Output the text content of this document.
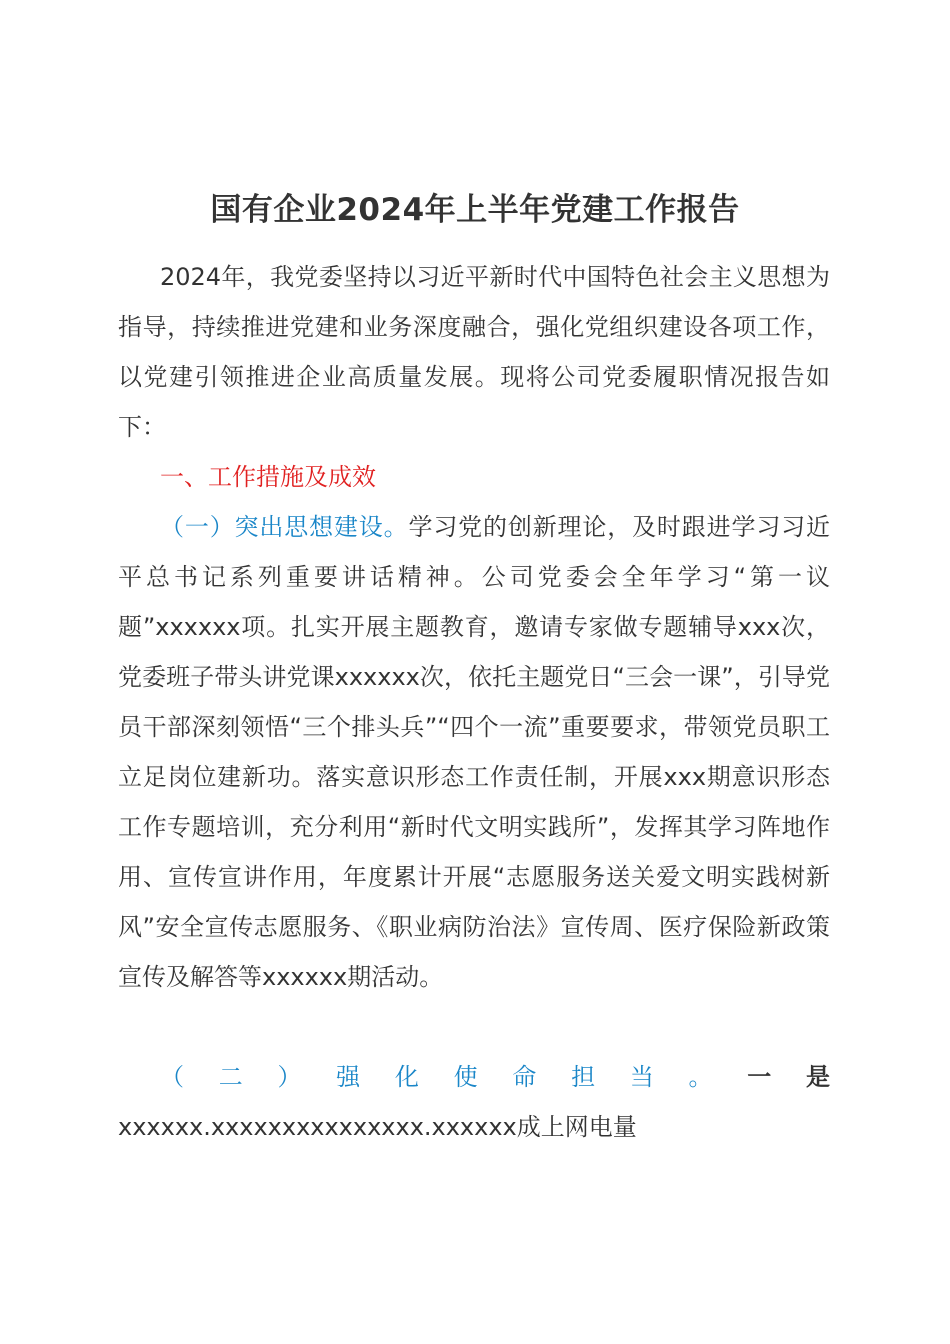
国有企业2024年上半年党建工作报告

2024年，我党委坚持以习近平新时代中国特色社会主义思想为指导，持续推进党建和业务深度融合，强化党组织建设各项工作，以党建引领推进企业高质量发展。现将公司党委履职情况报告如下：

一、工作措施及成效

（一）突出思想建设。学习党的创新理论，及时跟进学习习近平总书记系列重要讲话精神。公司党委会全年学习“第一议题”xxxxxx项。扎实开展主题教育，邀请专家做专题辅导xxx次，党委班子带头讲党课xxxxxx次，依托主题党日“三会一课”，引导党员干部深刻领悟“三个排头兵”“四个一流”重要要求，带领党员职工立足岗位建新功。落实意识形态工作责任制，开展xxx期意识形态工作专题培训，充分利用“新时代文明实践所”，发挥其学习阵地作用、宣传宣讲作用，年度累计开展“志愿服务送关爱文明实践树新风”安全宣传志愿服务、《职业病防治法》宣传周、医疗保险新政策宣传及解答等xxxxxx期活动。

（二）强化使命担当。一是xxxxxx.xxxxxxxxxxxxxxx.xxxxxx成上网电量
